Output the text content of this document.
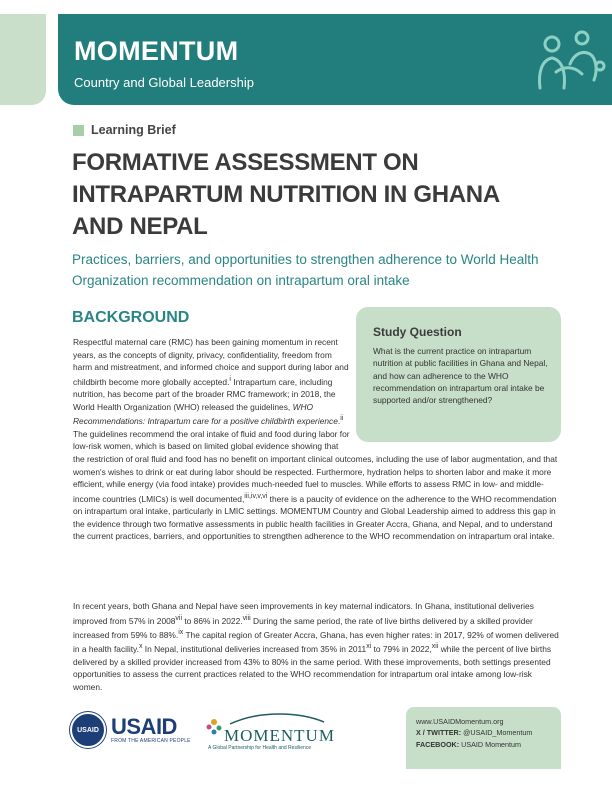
MOMENTUM
Country and Global Leadership
Learning Brief
FORMATIVE ASSESSMENT ON INTRAPARTUM NUTRITION IN GHANA AND NEPAL
Practices, barriers, and opportunities to strengthen adherence to World Health Organization recommendation on intrapartum oral intake
BACKGROUND
Study Question
What is the current practice on intrapartum nutrition at public facilities in Ghana and Nepal, and how can adherence to the WHO recommendation on intrapartum oral intake be supported and/or strengthened?
Respectful maternal care (RMC) has been gaining momentum in recent years, as the concepts of dignity, privacy, confidentiality, freedom from harm and mistreatment, and informed choice and support during labor and childbirth become more globally accepted.$^i$ Intrapartum care, including nutrition, has become part of the broader RMC framework; in 2018, the World Health Organization (WHO) released the guidelines, WHO Recommendations: Intrapartum care for a positive childbirth experience.$^{ii}$ The guidelines recommend the oral intake of fluid and food during labor for low-risk women, which is based on limited global evidence showing that the restriction of oral fluid and food has no benefit on important clinical outcomes, including the use of labor augmentation, and that women's wishes to drink or eat during labor should be respected. Furthermore, hydration helps to shorten labor and make it more efficient, while energy (via food intake) provides much-needed fuel to muscles. While efforts to assess RMC in low- and middle-income countries (LMICs) is well documented,$^{iii,iv,v,vi}$ there is a paucity of evidence on the adherence to the WHO recommendation on intrapartum oral intake, particularly in LMIC settings. MOMENTUM Country and Global Leadership aimed to address this gap in the evidence through two formative assessments in public health facilities in Greater Accra, Ghana, and Nepal, and to understand the current practices, barriers, and opportunities to strengthen adherence to the WHO recommendation on intrapartum oral intake.
In recent years, both Ghana and Nepal have seen improvements in key maternal indicators. In Ghana, institutional deliveries improved from 57% in 2008$^{vii}$ to 86% in 2022.$^{viii}$ During the same period, the rate of live births delivered by a skilled provider increased from 59% to 88%.$^{ix}$ The capital region of Greater Accra, Ghana, has even higher rates: in 2017, 92% of women delivered in a health facility.$^x$ In Nepal, institutional deliveries increased from 35% in 2011$^{xi}$ to 79% in 2022,$^{xii}$ while the percent of live births delivered by a skilled provider increased from 43% to 80% in the same period. With these improvements, both settings presented opportunities to assess the current practices related to the WHO recommendation for intrapartum oral intake among low-risk women.
USAID USAID
FROM THE AMERICAN PEOPLE MOMENTUM
A Global Partnership for Health and Resilience
www.USAIDMomentum.org
X / TWITTER: @USAID_Momentum
FACEBOOK: USAID Momentum
